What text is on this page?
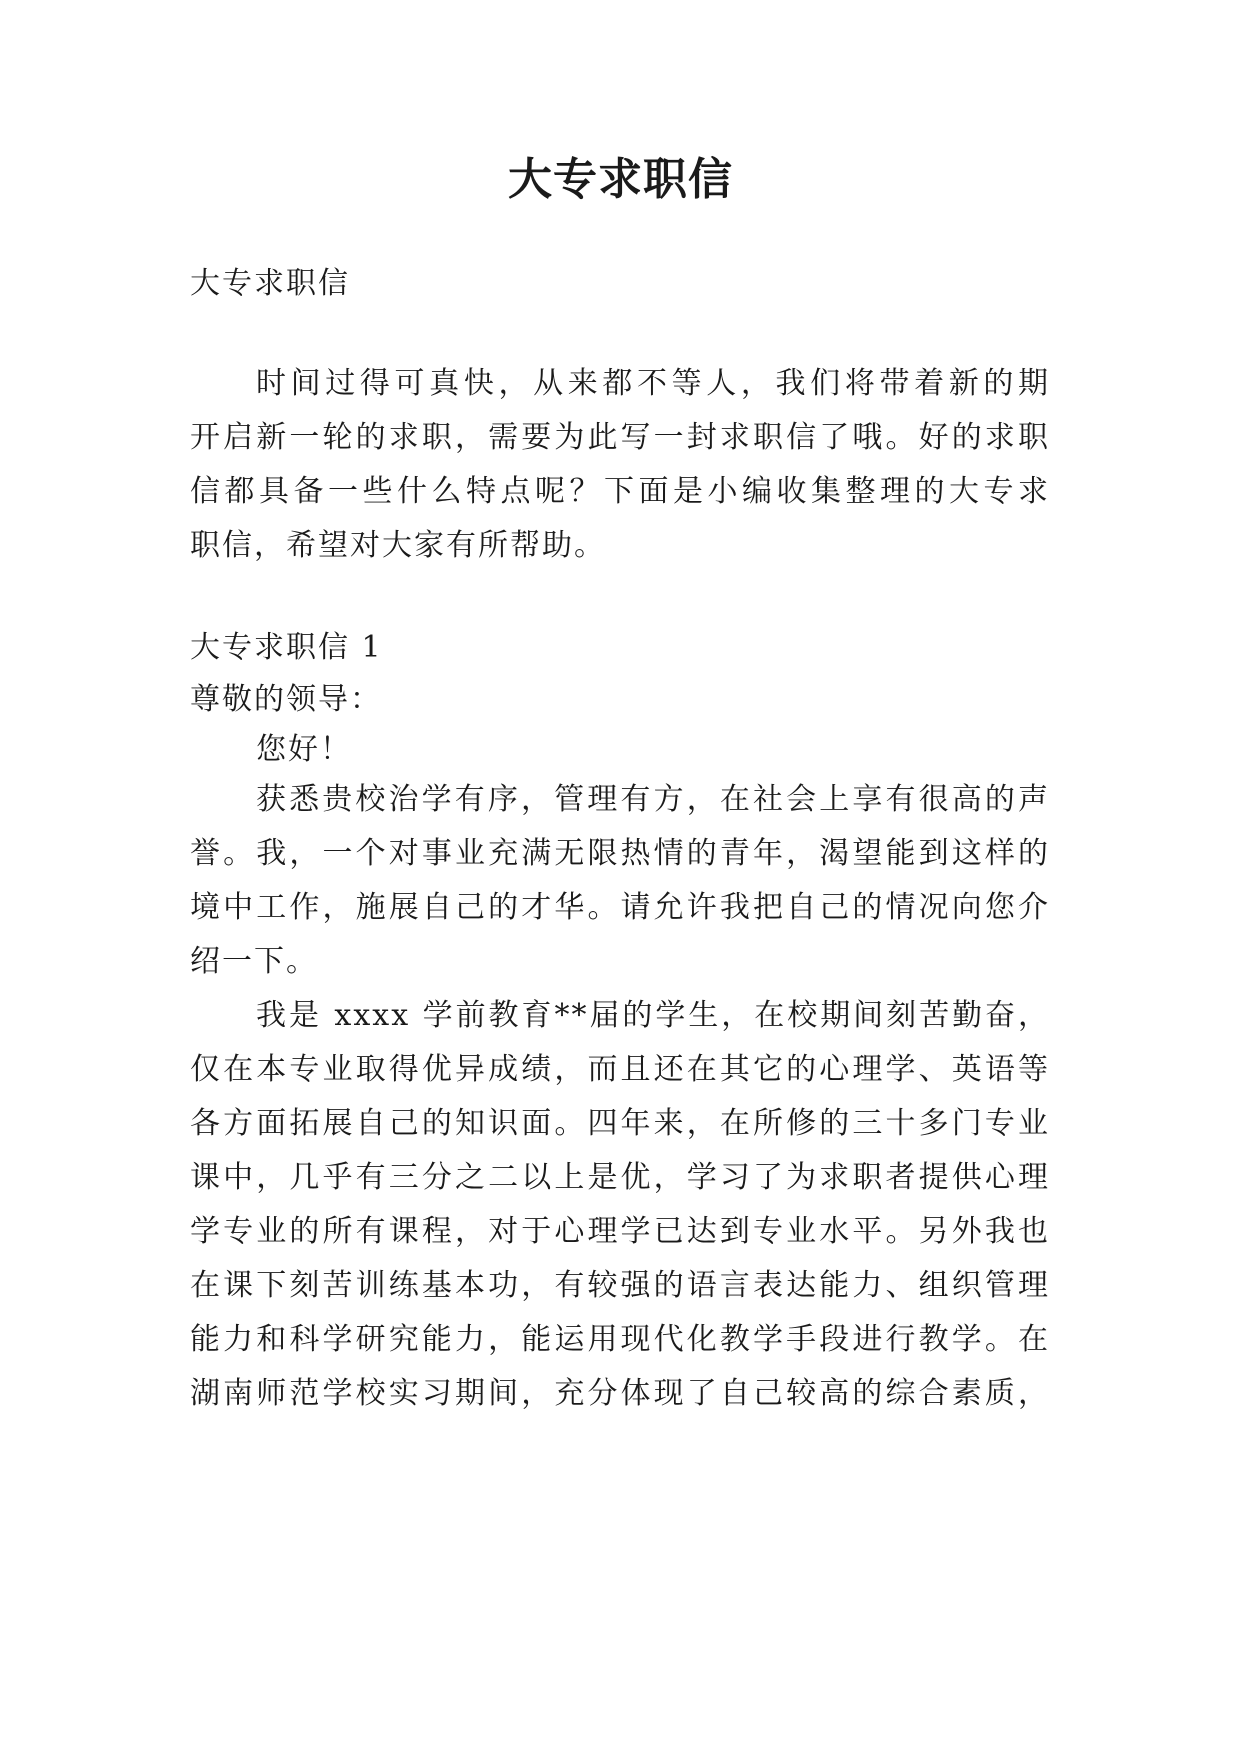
大专求职信
大专求职信
时间过得可真快，从来都不等人，我们将带着新的期
开启新一轮的求职，需要为此写一封求职信了哦。好的求职
信都具备一些什么特点呢？下面是小编收集整理的大专求
职信，希望对大家有所帮助。
大专求职信 1
尊敬的领导：
您好！
获悉贵校治学有序，管理有方，在社会上享有很高的声
誉。我，一个对事业充满无限热情的青年，渴望能到这样的
境中工作，施展自己的才华。请允许我把自己的情况向您介
绍一下。
我是 xxxx 学前教育**届的学生，在校期间刻苦勤奋，
仅在本专业取得优异成绩，而且还在其它的心理学、英语等
各方面拓展自己的知识面。四年来，在所修的三十多门专业
课中，几乎有三分之二以上是优，学习了为求职者提供心理
学专业的所有课程，对于心理学已达到专业水平。另外我也
在课下刻苦训练基本功，有较强的语言表达能力、组织管理
能力和科学研究能力，能运用现代化教学手段进行教学。在
湖南师范学校实习期间，充分体现了自己较高的综合素质，
